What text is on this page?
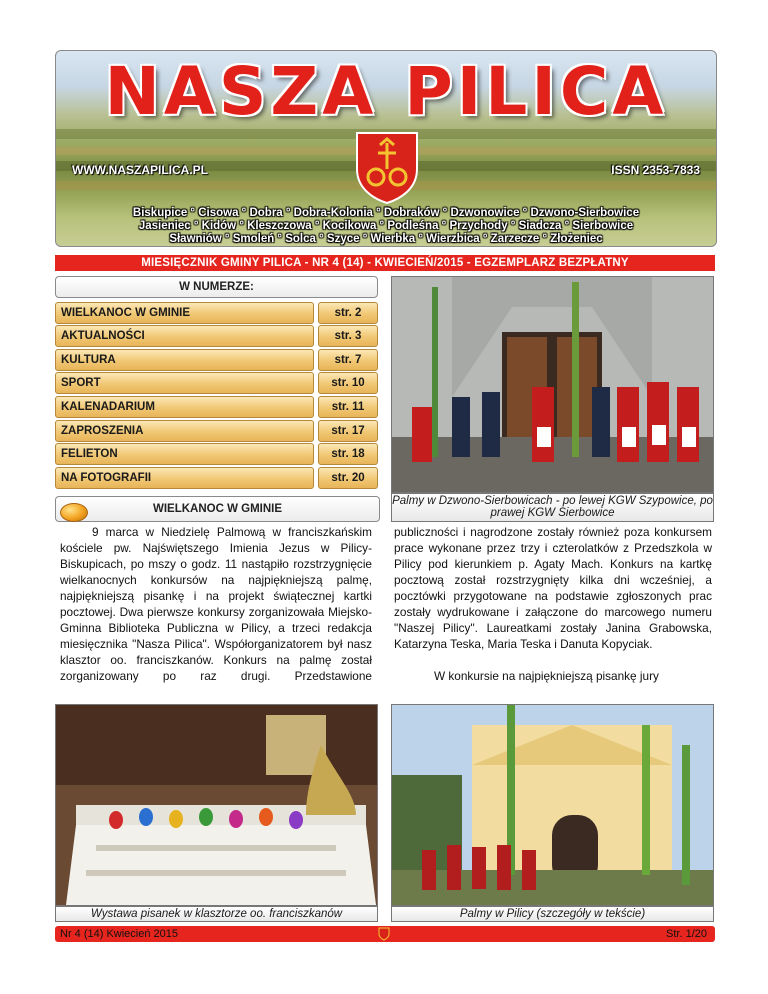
NASZA PILICA
WWW.NASZAPILICA.PL	ISSN 2353-7833
Biskupice ° Cisowa ° Dobra ° Dobra-Kolonia ° Dobraków ° Dzwonowice ° Dzwono-Sierbowice
Jasieniec ° Kidów ° Kleszczowa ° Kocikowa ° Podleśna ° Przychody ° Siadcza ° Sierbowice
Sławniów ° Smoleń ° Solca ° Szyce ° Wierbka ° Wierzbica ° Zarzecze ° Złożeniec
MIESIĘCZNIK GMINY PILICA - NR 4 (14) - KWIECIEŃ/2015 - EGZEMPLARZ BEZPŁATNY
W NUMERZE:
WIELKANOC W GMINIE	str. 2
AKTUALNOŚCI	str. 3
KULTURA	str. 7
SPORT	str. 10
KALENADARIUM	str. 11
ZAPROSZENIA	str. 17
FELIETON	str. 18
NA FOTOGRAFII	str. 20
Palmy w Dzwono-Sierbowicach - po lewej KGW Szypowice, po prawej KGW Sierbowice
WIELKANOC W GMINIE

9 marca w Niedzielę Palmową w franciszkańskim kościele pw. Najświętszego Imienia Jezus w Pilicy-Biskupicach, po mszy o godz. 11 nastąpiło rozstrzygnięcie wielkanocnych konkursów na najpiękniejszą palmę, najpiękniejszą pisankę i na projekt świątecznej kartki pocztowej. Dwa pierwsze konkursy zorganizowała Miejsko-Gminna Biblioteka Publiczna w Pilicy, a trzeci redakcja miesięcznika "Nasza Pilica". Współorganizatorem był nasz klasztor oo. franciszkanów. Konkurs na palmę został zorganizowany po raz drugi. Przedstawione

publiczności i nagrodzone zostały również poza konkursem prace wykonane przez trzy i czterolatków z Przedszkola w Pilicy pod kierunkiem p. Agaty Mach. Konkurs na kartkę pocztową został rozstrzygnięty kilka dni wcześniej, a pocztówki przygotowane na podstawie zgłoszonych prac zostały wydrukowane i załączone do marcowego numeru "Naszej Pilicy". Laureatkami zostały Janina Grabowska, Katarzyna Teska, Maria Teska i Danuta Kopyciak.

W konkursie na najpiękniejszą pisankę jury

Wystawa pisanek w klasztorze oo. franciszkanów	Palmy w Pilicy (szczegóły w tekście)
Nr 4 (14) Kwiecień 2015	Str. 1/20
